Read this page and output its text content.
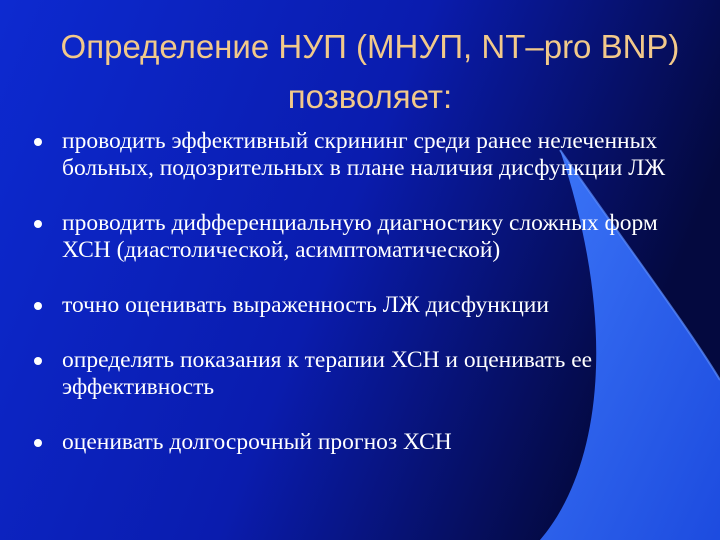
Определение НУП (МНУП, NT–pro BNP) позволяет:
проводить эффективный скрининг среди ранее нелеченных больных, подозрительных в плане наличия дисфункции ЛЖ
проводить дифференциальную диагностику сложных форм ХСН (диастолической, асимптоматической)
точно оценивать выраженность ЛЖ дисфункции
определять показания к терапии ХСН и оценивать ее эффективность
оценивать долгосрочный прогноз ХСН
